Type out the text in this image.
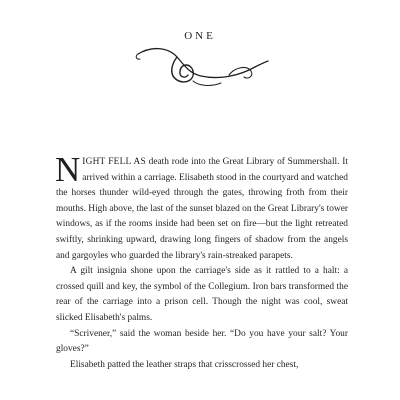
ONE

NIGHT FELL AS death rode into the Great Library of Summershall. It arrived within a carriage. Elisabeth stood in the courtyard and watched the horses thunder wild-eyed through the gates, throwing froth from their mouths. High above, the last of the sunset blazed on the Great Library's tower windows, as if the rooms inside had been set on fire—but the light retreated swiftly, shrinking upward, drawing long fingers of shadow from the angels and gargoyles who guarded the library's rain-streaked parapets.

A gilt insignia shone upon the carriage's side as it rattled to a halt: a crossed quill and key, the symbol of the Collegium. Iron bars transformed the rear of the carriage into a prison cell. Though the night was cool, sweat slicked Elisabeth's palms.

“Scrivener,” said the woman beside her. “Do you have your salt? Your gloves?”

Elisabeth patted the leather straps that crisscrossed her chest,
